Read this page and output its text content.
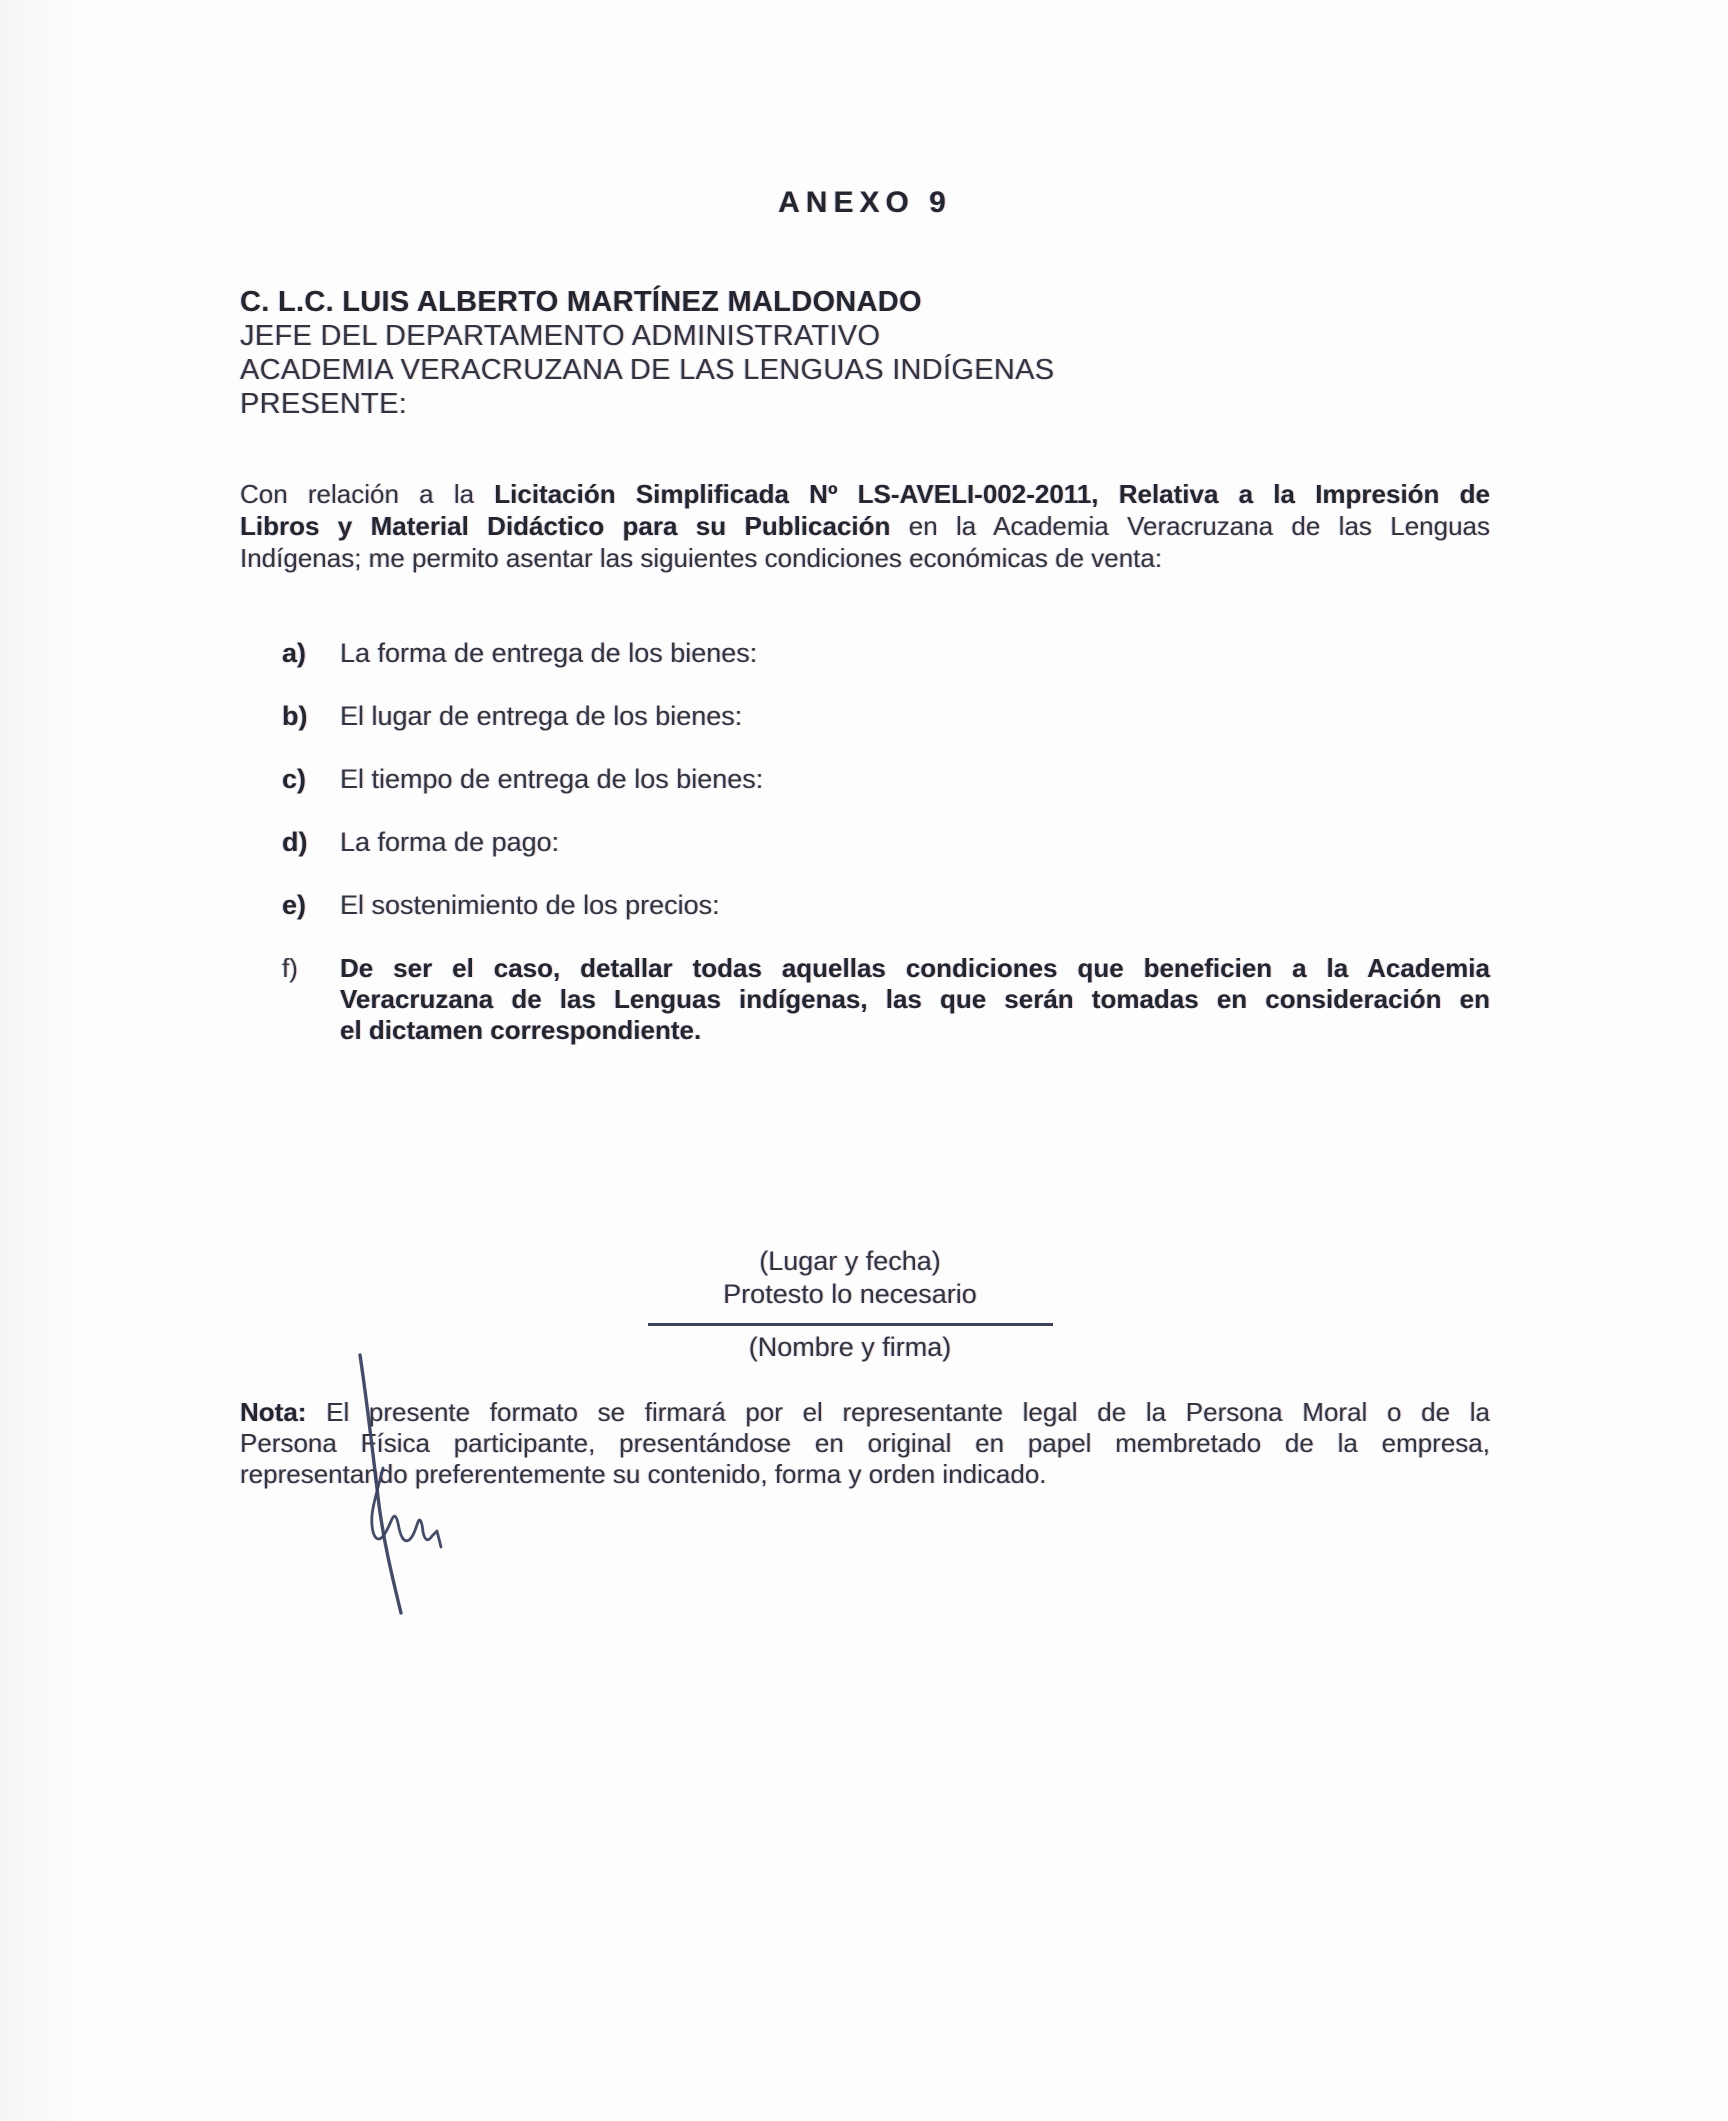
ANEXO 9
C. L.C. LUIS ALBERTO MARTÍNEZ MALDONADO
JEFE DEL DEPARTAMENTO ADMINISTRATIVO
ACADEMIA VERACRUZANA DE LAS LENGUAS INDÍGENAS
PRESENTE:
Con relación a la Licitación Simplificada Nº LS-AVELI-002-2011, Relativa a la Impresión de
Libros y Material Didáctico para su Publicación en la Academia Veracruzana de las Lenguas
Indígenas; me permito asentar las siguientes condiciones económicas de venta:
a) La forma de entrega de los bienes:
b) El lugar de entrega de los bienes:
c) El tiempo de entrega de los bienes:
d) La forma de pago:
e) El sostenimiento de los precios:
f) De ser el caso, detallar todas aquellas condiciones que beneficien a la Academia
Veracruzana de las Lenguas indígenas, las que serán tomadas en consideración en
el dictamen correspondiente.
(Lugar y fecha)
Protesto lo necesario
(Nombre y firma)
Nota: El presente formato se firmará por el representante legal de la Persona Moral o de la
Persona Física participante, presentándose en original en papel membretado de la empresa,
representando preferentemente su contenido, forma y orden indicado.
